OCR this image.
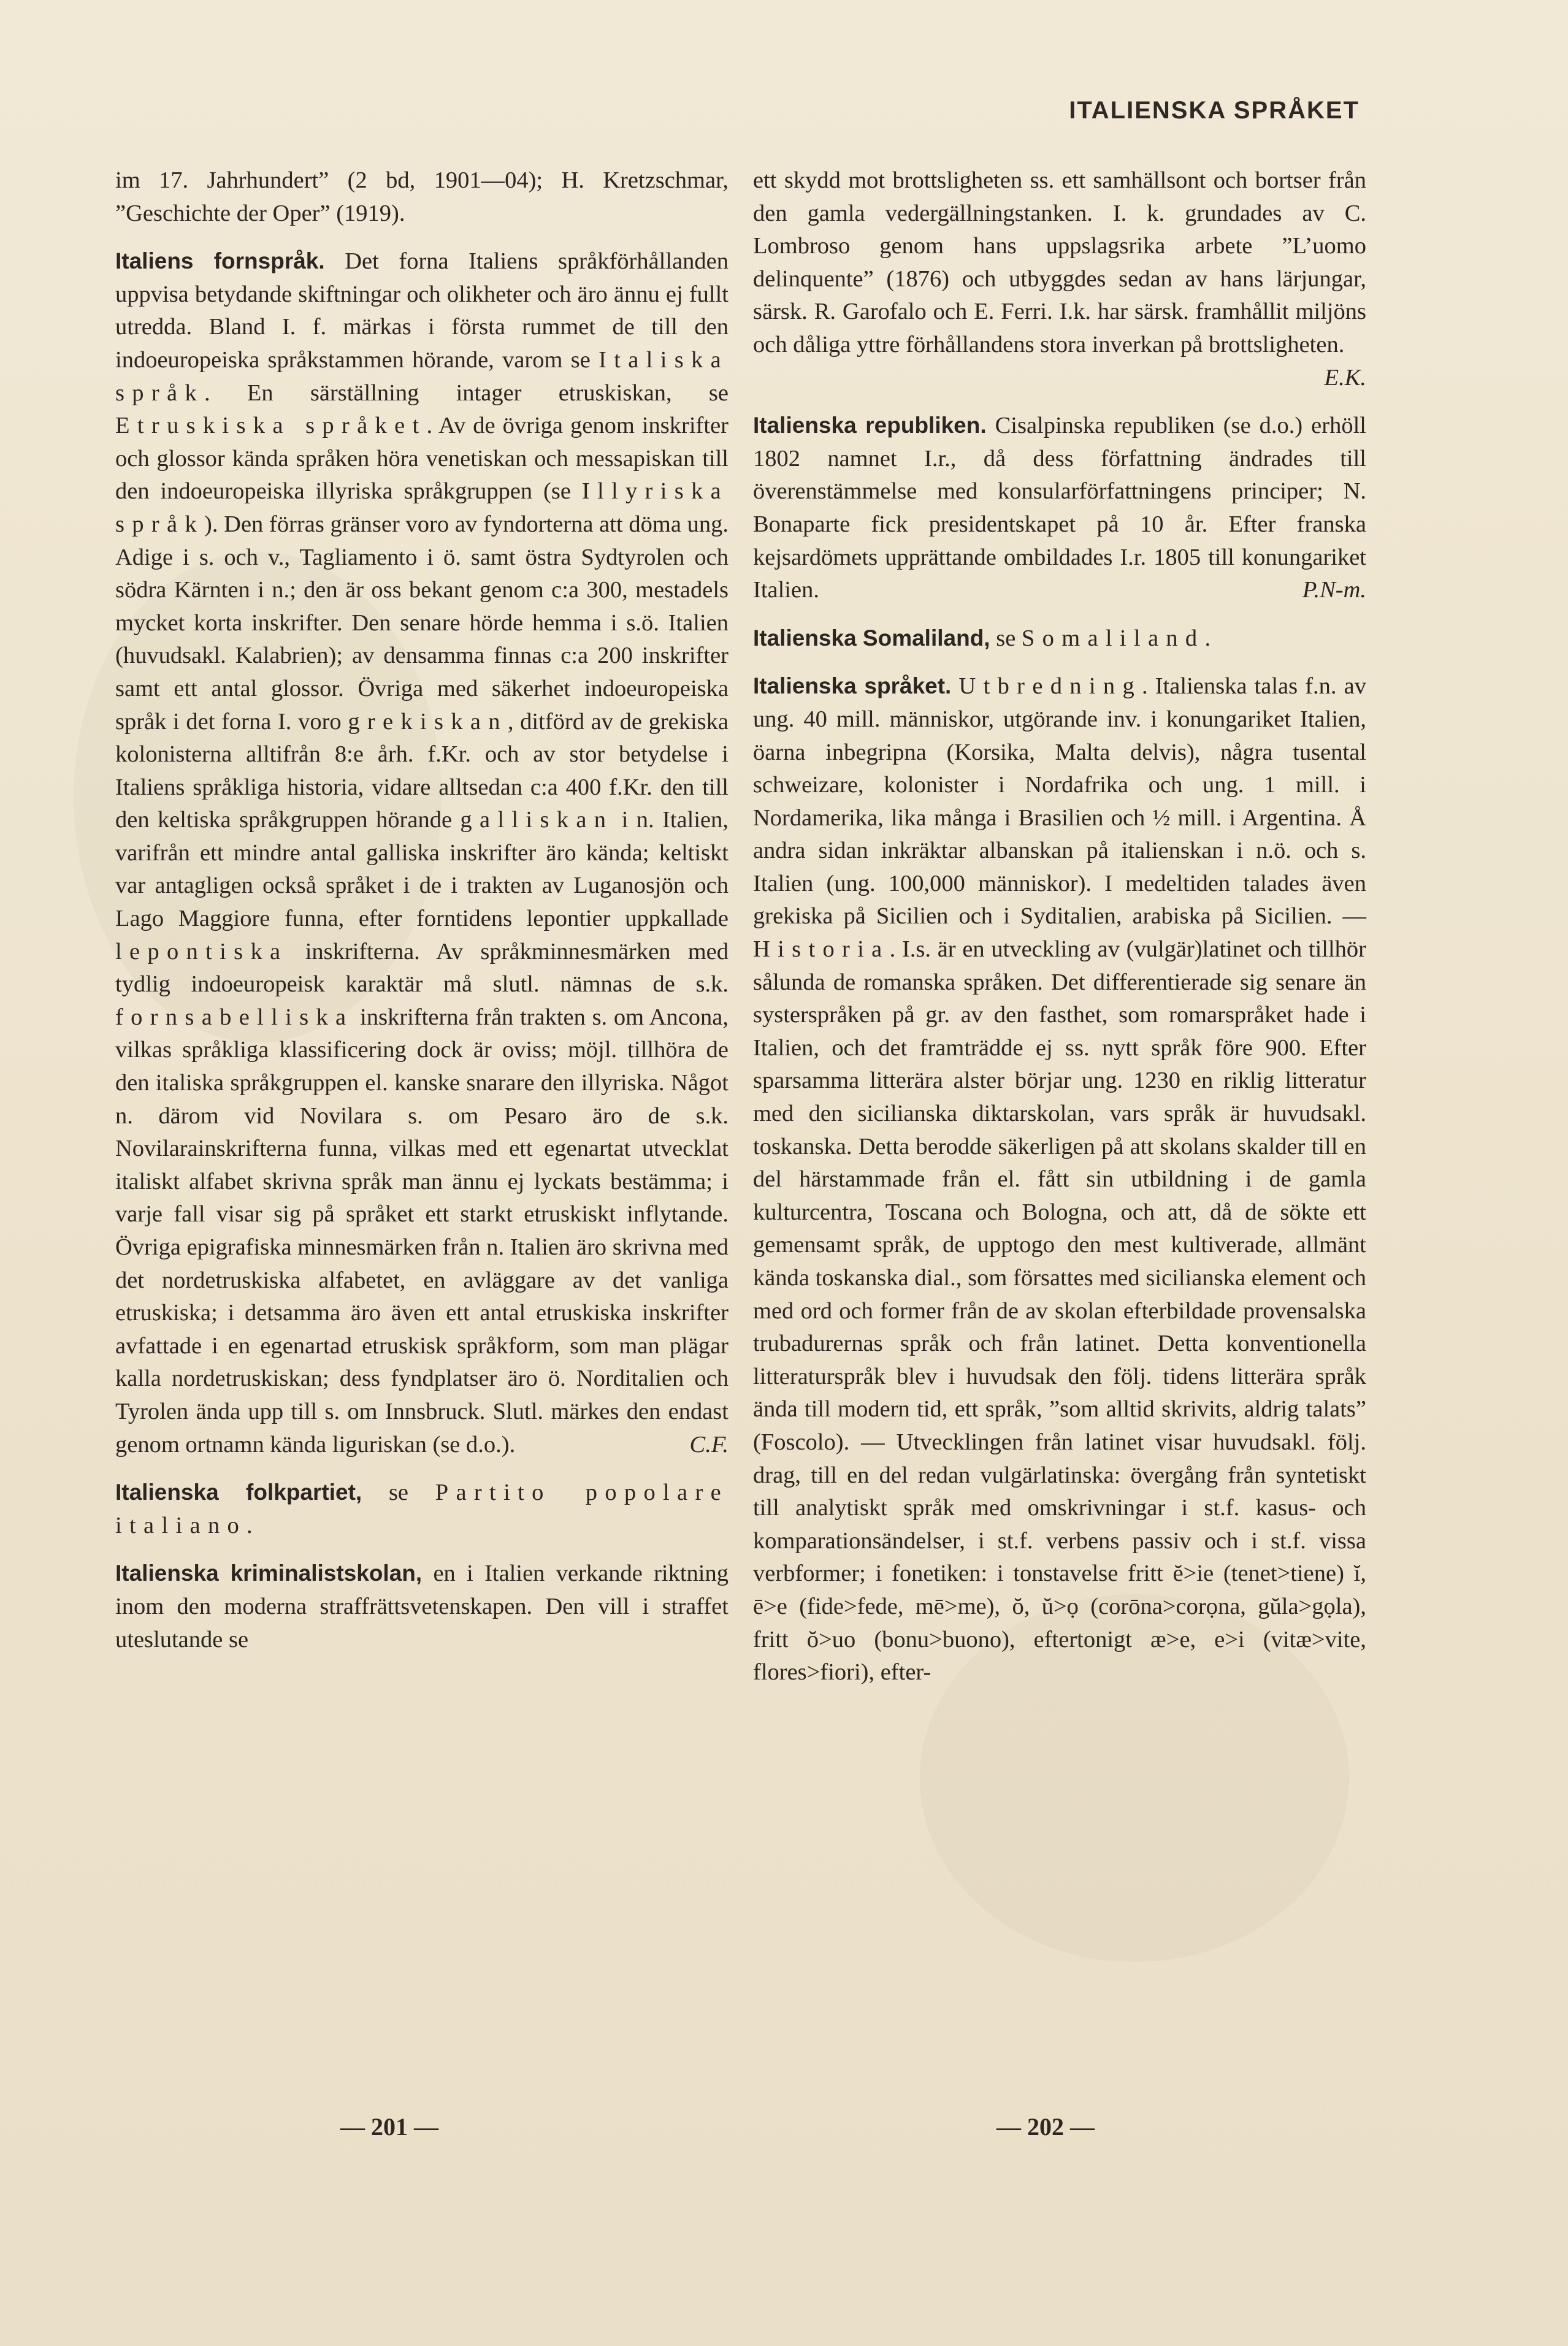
ITALIENSKA SPRÅKET

im 17. Jahrhundert” (2 bd, 1901—04); H. Kretzschmar, ”Geschichte der Oper” (1919).

Italiens fornspråk. Det forna Italiens språkförhållanden uppvisa betydande skiftningar och olikheter och äro ännu ej fullt utredda. Bland I. f. märkas i första rummet de till den indoeuropeiska språkstammen hörande, varom se Italiska språk. En särställning intager etruskiskan, se Etruskiska språket. Av de övriga genom inskrifter och glossor kända språken höra venetiskan och messapiskan till den indoeuropeiska illyriska språkgruppen (se Illyriska språk). Den förras gränser voro av fyndorterna att döma ung. Adige i s. och v., Tagliamento i ö. samt östra Sydtyrolen och södra Kärnten i n.; den är oss bekant genom c:a 300, mestadels mycket korta inskrifter. Den senare hörde hemma i s.ö. Italien (huvudsakl. Kalabrien); av densamma finnas c:a 200 inskrifter samt ett antal glossor. Övriga med säkerhet indoeuropeiska språk i det forna I. voro grekiskan, ditförd av de grekiska kolonisterna alltifrån 8:e årh. f.Kr. och av stor betydelse i Italiens språkliga historia, vidare alltsedan c:a 400 f.Kr. den till den keltiska språkgruppen hörande galliskan i n. Italien, varifrån ett mindre antal galliska inskrifter äro kända; keltiskt var antagligen också språket i de i trakten av Luganosjön och Lago Maggiore funna, efter forntidens lepontier uppkallade lepontiska inskrifterna. Av språkminnesmärken med tydlig indoeuropeisk karaktär må slutl. nämnas de s.k. fornsabelliska inskrifterna från trakten s. om Ancona, vilkas språkliga klassificering dock är oviss; möjl. tillhöra de den italiska språkgruppen el. kanske snarare den illyriska. Något n. därom vid Novilara s. om Pesaro äro de s.k. Novilarainskrifterna funna, vilkas med ett egenartat utvecklat italiskt alfabet skrivna språk man ännu ej lyckats bestämma; i varje fall visar sig på språket ett starkt etruskiskt inflytande. Övriga epigrafiska minnesmärken från n. Italien äro skrivna med det nordetruskiska alfabetet, en avläggare av det vanliga etruskiska; i detsamma äro även ett antal etruskiska inskrifter avfattade i en egenartad etruskisk språkform, som man plägar kalla nordetruskiskan; dess fyndplatser äro ö. Norditalien och Tyrolen ända upp till s. om Innsbruck. Slutl. märkes den endast genom ortnamn kända liguriskan (se d.o.).	C.F.

Italienska folkpartiet, se Partito popolare italiano.

Italienska kriminalistskolan, en i Italien verkande riktning inom den moderna straffrättsvetenskapen. Den vill i straffet uteslutande se

ett skydd mot brottsligheten ss. ett samhällsont och bortser från den gamla vedergällningstanken. I. k. grundades av C. Lombroso genom hans uppslagsrika arbete ”L’uomo delinquente” (1876) och utbyggdes sedan av hans lärjungar, särsk. R. Garofalo och E. Ferri. I.k. har särsk. framhållit miljöns och dåliga yttre förhållandens stora inverkan på brottsligheten.
E.K.

Italienska republiken. Cisalpinska republiken (se d.o.) erhöll 1802 namnet I.r., då dess författning ändrades till överenstämmelse med konsularförfattningens principer; N. Bonaparte fick presidentskapet på 10 år. Efter franska kejsardömets upprättande ombildades I.r. 1805 till konungariket Italien.	P.N-m.

Italienska Somaliland, se Somaliland.

Italienska språket. Utbredning. Italienska talas f.n. av ung. 40 mill. människor, utgörande inv. i konungariket Italien, öarna inbegripna (Korsika, Malta delvis), några tusental schweizare, kolonister i Nordafrika och ung. 1 mill. i Nordamerika, lika många i Brasilien och ½ mill. i Argentina. Å andra sidan inkräktar albanskan på italienskan i n.ö. och s. Italien (ung. 100,000 människor). I medeltiden talades även grekiska på Sicilien och i Syditalien, arabiska på Sicilien. — Historia. I.s. är en utveckling av (vulgär)latinet och tillhör sålunda de romanska språken. Det differentierade sig senare än systerspråken på gr. av den fasthet, som romarspråket hade i Italien, och det framträdde ej ss. nytt språk före 900. Efter sparsamma litterära alster börjar ung. 1230 en riklig litteratur med den sicilianska diktarskolan, vars språk är huvudsakl. toskanska. Detta berodde säkerligen på att skolans skalder till en del härstammade från el. fått sin utbildning i de gamla kulturcentra, Toscana och Bologna, och att, då de sökte ett gemensamt språk, de upptogo den mest kultiverade, allmänt kända toskanska dial., som försattes med sicilianska element och med ord och former från de av skolan efterbildade provensalska trubadurernas språk och från latinet. Detta konventionella litteraturspråk blev i huvudsak den följ. tidens litterära språk ända till modern tid, ett språk, ”som alltid skrivits, aldrig talats” (Foscolo). — Utvecklingen från latinet visar huvudsakl. följ. drag, till en del redan vulgärlatinska: övergång från syntetiskt till analytiskt språk med omskrivningar i st.f. kasus- och komparationsändelser, i st.f. verbens passiv och i st.f. vissa verbformer; i fonetiken: i tonstavelse fritt ĕ>ie (tenet>tiene) ĭ, ē>e (fide>fede, mē>me), ŏ, ŭ>ọ (corōna>corọna, gŭla>gọla), fritt ŏ>uo (bonu>buono), eftertonigt æ>e, e>i (vitæ>vite, flores>fiori), efter-

— 201 —	— 202 —
